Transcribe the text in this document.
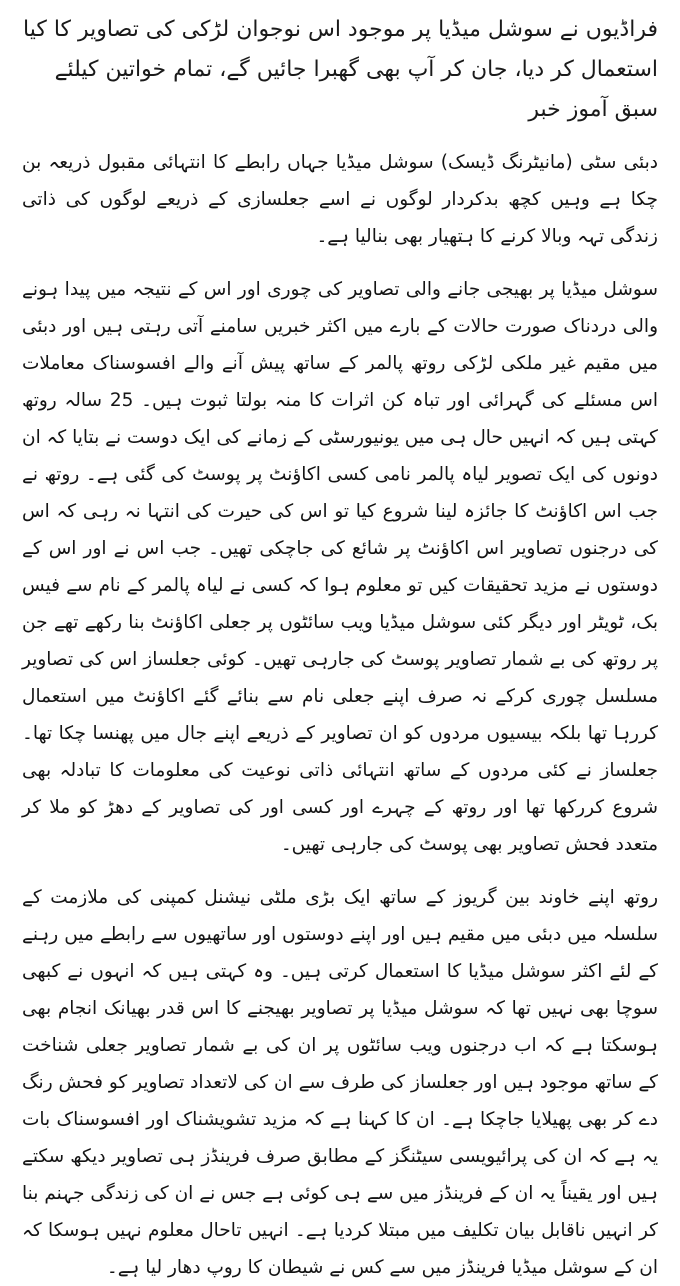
فراڈیوں نے سوشل میڈیا پر موجود اس نوجوان لڑکی کی تصاویر کا کیا استعمال کر دیا، جان کر آپ بھی گھبرا جائیں گے، تمام خواتین کیلئے سبق آموز خبر

دبئی سٹی (مانیٹرنگ ڈیسک) سوشل میڈیا جہاں رابطے کا انتہائی مقبول ذریعہ بن چکا ہے وہیں کچھ بدکردار لوگوں نے اسے جعلسازی کے ذریعے لوگوں کی ذاتی زندگی تہہ وبالا کرنے کا ہتھیار بھی بنالیا ہے۔

سوشل میڈیا پر بھیجی جانے والی تصاویر کی چوری اور اس کے نتیجہ میں پیدا ہونے والی دردناک صورت حالات کے بارے میں اکثر خبریں سامنے آتی رہتی ہیں اور دبئی میں مقیم غیر ملکی لڑکی روتھ پالمر کے ساتھ پیش آنے والے افسوسناک معاملات اس مسئلے کی گہرائی اور تباہ کن اثرات کا منہ بولتا ثبوت ہیں۔ 25 سالہ روتھ کہتی ہیں کہ انہیں حال ہی میں یونیورسٹی کے زمانے کی ایک دوست نے بتایا کہ ان دونوں کی ایک تصویر لیاہ پالمر نامی کسی اکاؤنٹ پر پوسٹ کی گئی ہے۔ روتھ نے جب اس اکاؤنٹ کا جائزہ لینا شروع کیا تو اس کی حیرت کی انتہا نہ رہی کہ اس کی درجنوں تصاویر اس اکاؤنٹ پر شائع کی جاچکی تھیں۔ جب اس نے اور اس کے دوستوں نے مزید تحقیقات کیں تو معلوم ہوا کہ کسی نے لیاہ پالمر کے نام سے فیس بک، ٹویٹر اور دیگر کئی سوشل میڈیا ویب سائٹوں پر جعلی اکاؤنٹ بنا رکھے تھے جن پر روتھ کی بے شمار تصاویر پوسٹ کی جارہی تھیں۔ کوئی جعلساز اس کی تصاویر مسلسل چوری کرکے نہ صرف اپنے جعلی نام سے بنائے گئے اکاؤنٹ میں استعمال کررہا تھا بلکہ بیسیوں مردوں کو ان تصاویر کے ذریعے اپنے جال میں پھنسا چکا تھا۔ جعلساز نے کئی مردوں کے ساتھ انتہائی ذاتی نوعیت کی معلومات کا تبادلہ بھی شروع کررکھا تھا اور روتھ کے چہرے اور کسی اور کی تصاویر کے دھڑ کو ملا کر متعدد فحش تصاویر بھی پوسٹ کی جارہی تھیں۔

روتھ اپنے خاوند بین گریوز کے ساتھ ایک بڑی ملٹی نیشنل کمپنی کی ملازمت کے سلسلہ میں دبئی میں مقیم ہیں اور اپنے دوستوں اور ساتھیوں سے رابطے میں رہنے کے لئے اکثر سوشل میڈیا کا استعمال کرتی ہیں۔ وہ کہتی ہیں کہ انہوں نے کبھی سوچا بھی نہیں تھا کہ سوشل میڈیا پر تصاویر بھیجنے کا اس قدر بھیانک انجام بھی ہوسکتا ہے کہ اب درجنوں ویب سائٹوں پر ان کی بے شمار تصاویر جعلی شناخت کے ساتھ موجود ہیں اور جعلساز کی طرف سے ان کی لاتعداد تصاویر کو فحش رنگ دے کر بھی پھیلایا جاچکا ہے۔ ان کا کہنا ہے کہ مزید تشویشناک اور افسوسناک بات یہ ہے کہ ان کی پرائیویسی سیٹنگز کے مطابق صرف فرینڈز ہی تصاویر دیکھ سکتے ہیں اور یقیناً یہ ان کے فرینڈز میں سے ہی کوئی ہے جس نے ان کی زندگی جہنم بنا کر انہیں ناقابل بیان تکلیف میں مبتلا کردیا ہے۔ انہیں تاحال معلوم نہیں ہوسکا کہ ان کے سوشل میڈیا فرینڈز میں سے کس نے شیطان کا روپ دھار لیا ہے۔
